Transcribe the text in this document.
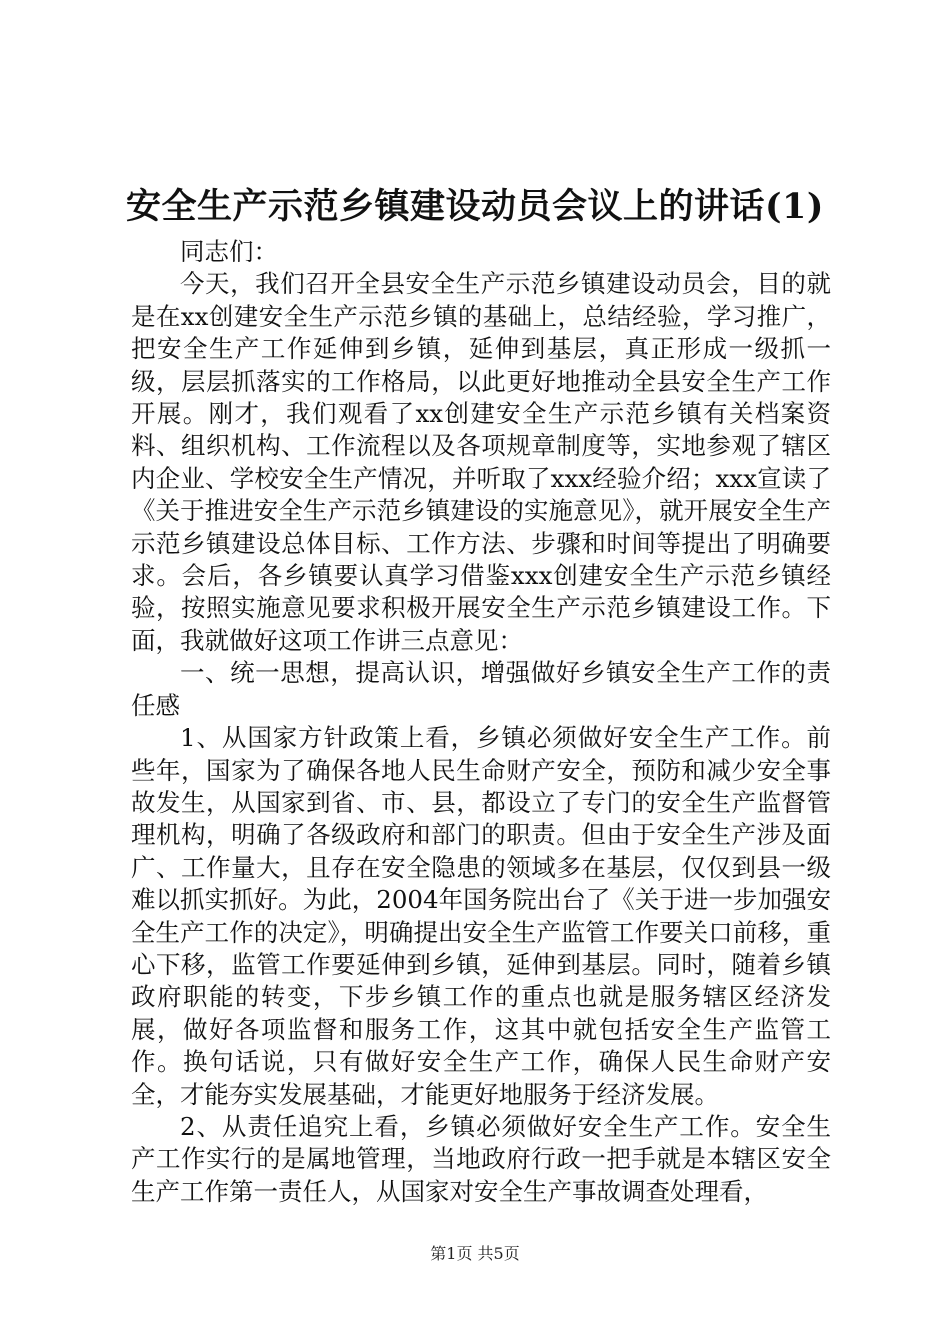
安全生产示范乡镇建设动员会议上的讲话(1)

同志们：

今天，我们召开全县安全生产示范乡镇建设动员会，目的就是在xx创建安全生产示范乡镇的基础上，总结经验，学习推广，把安全生产工作延伸到乡镇，延伸到基层，真正形成一级抓一级，层层抓落实的工作格局，以此更好地推动全县安全生产工作开展。刚才，我们观看了xx创建安全生产示范乡镇有关档案资料、组织机构、工作流程以及各项规章制度等，实地参观了辖区内企业、学校安全生产情况，并听取了xxx经验介绍；xxx宣读了《关于推进安全生产示范乡镇建设的实施意见》，就开展安全生产示范乡镇建设总体目标、工作方法、步骤和时间等提出了明确要求。会后，各乡镇要认真学习借鉴xxx创建安全生产示范乡镇经验，按照实施意见要求积极开展安全生产示范乡镇建设工作。下面，我就做好这项工作讲三点意见：

一、统一思想，提高认识，增强做好乡镇安全生产工作的责任感

1、从国家方针政策上看，乡镇必须做好安全生产工作。前些年，国家为了确保各地人民生命财产安全，预防和减少安全事故发生，从国家到省、市、县，都设立了专门的安全生产监督管理机构，明确了各级政府和部门的职责。但由于安全生产涉及面广、工作量大，且存在安全隐患的领域多在基层，仅仅到县一级难以抓实抓好。为此，2004年国务院出台了《关于进一步加强安全生产工作的决定》，明确提出安全生产监管工作要关口前移，重心下移，监管工作要延伸到乡镇，延伸到基层。同时，随着乡镇政府职能的转变，下步乡镇工作的重点也就是服务辖区经济发展，做好各项监督和服务工作，这其中就包括安全生产监管工作。换句话说，只有做好安全生产工作，确保人民生命财产安全，才能夯实发展基础，才能更好地服务于经济发展。

2、从责任追究上看，乡镇必须做好安全生产工作。安全生产工作实行的是属地管理，当地政府行政一把手就是本辖区安全生产工作第一责任人，从国家对安全生产事故调查处理看，

第1页 共5页
